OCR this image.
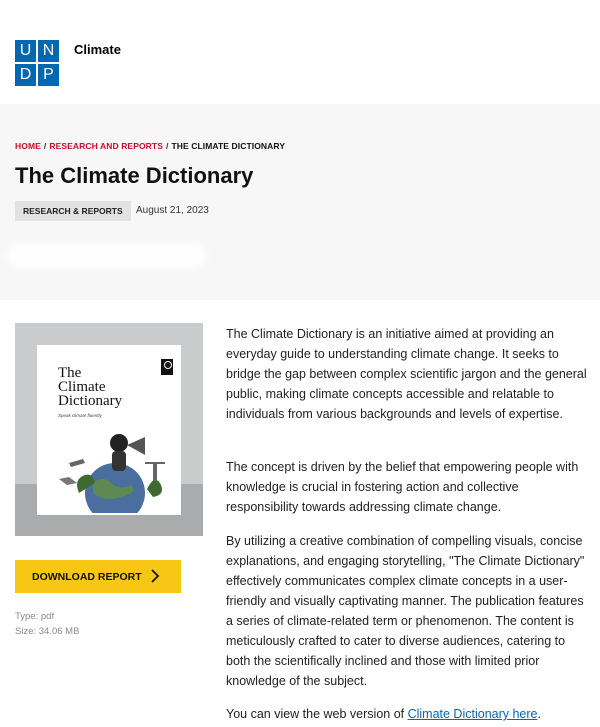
U N
D P
Climate
HOME / RESEARCH AND REPORTS / THE CLIMATE DICTIONARY
The Climate Dictionary
RESEARCH & REPORTS	August 21, 2023
The
Climate
Dictionary
Speak climate fluently
DOWNLOAD REPORT
Type: pdf
Size: 34.06 MB

The Climate Dictionary is an initiative aimed at providing an everyday guide to understanding climate change. It seeks to bridge the gap between complex scientific jargon and the general public, making climate concepts accessible and relatable to individuals from various backgrounds and levels of expertise.

The concept is driven by the belief that empowering people with knowledge is crucial in fostering action and collective responsibility towards addressing climate change.

By utilizing a creative combination of compelling visuals, concise explanations, and engaging storytelling, "The Climate Dictionary" effectively communicates complex climate concepts in a user-friendly and visually captivating manner. The publication features a series of climate-related term or phenomenon. The content is meticulously crafted to cater to diverse audiences, catering to both the scientifically inclined and those with limited prior knowledge of the subject.

You can view the web version of Climate Dictionary here.
